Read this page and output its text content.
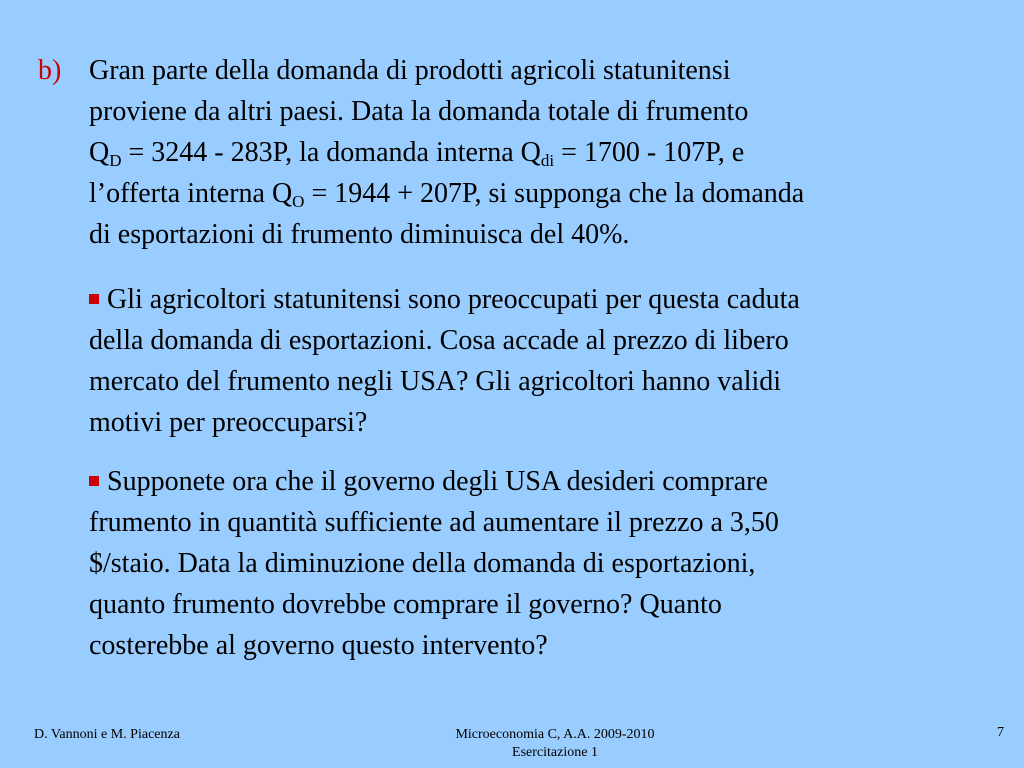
b) Gran parte della domanda di prodotti agricoli statunitensi
proviene da altri paesi. Data la domanda totale di frumento
$Q_D = 3244 - 283P$, la domanda interna $Q_{di} = 1700 - 107P$, e
l’offerta interna $Q_O = 1944 + 207P$, si supponga che la domanda
di esportazioni di frumento diminuisca del 40%.
Gli agricoltori statunitensi sono preoccupati per questa caduta
della domanda di esportazioni. Cosa accade al prezzo di libero
mercato del frumento negli USA? Gli agricoltori hanno validi
motivi per preoccuparsi?
Supponete ora che il governo degli USA desideri comprare
frumento in quantità sufficiente ad aumentare il prezzo a 3,50
$/staio. Data la diminuzione della domanda di esportazioni,
quanto frumento dovrebbe comprare il governo? Quanto
costerebbe al governo questo intervento?
D. Vannoni e M. Piacenza	Microeconomia C, A.A. 2009-2010
Esercitazione 1
7
